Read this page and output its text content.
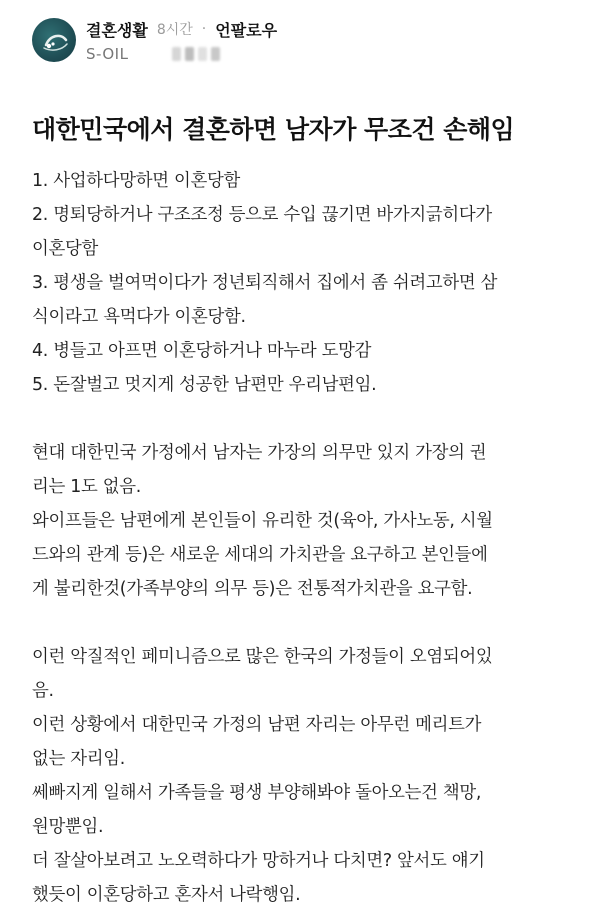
결혼생활 8시간 · 언팔로우
S-OIL
대한민국에서 결혼하면 남자가 무조건 손해임
1. 사업하다망하면 이혼당함
2. 명퇴당하거나 구조조정 등으로 수입 끊기면 바가지긁히다가
이혼당함
3. 평생을 벌여먹이다가 정년퇴직해서 집에서 좀 쉬려고하면 삼
식이라고 욕먹다가 이혼당함.
4. 병들고 아프면 이혼당하거나 마누라 도망감
5. 돈잘벌고 멋지게 성공한 남편만 우리남편임.
현대 대한민국 가정에서 남자는 가장의 의무만 있지 가장의 권
리는 1도 없음.
와이프들은 남편에게 본인들이 유리한 것(육아, 가사노동, 시월
드와의 관계 등)은 새로운 세대의 가치관을 요구하고 본인들에
게 불리한것(가족부양의 의무 등)은 전통적가치관을 요구함.
이런 악질적인 페미니즘으로 많은 한국의 가정들이 오염되어있
음.
이런 상황에서 대한민국 가정의 남편 자리는 아무런 메리트가
없는 자리임.
쎄빠지게 일해서 가족들을 평생 부양해봐야 돌아오는건 책망,
원망뿐임.
더 잘살아보려고 노오력하다가 망하거나 다치면? 앞서도 얘기
했듯이 이혼당하고 혼자서 나락행임.
